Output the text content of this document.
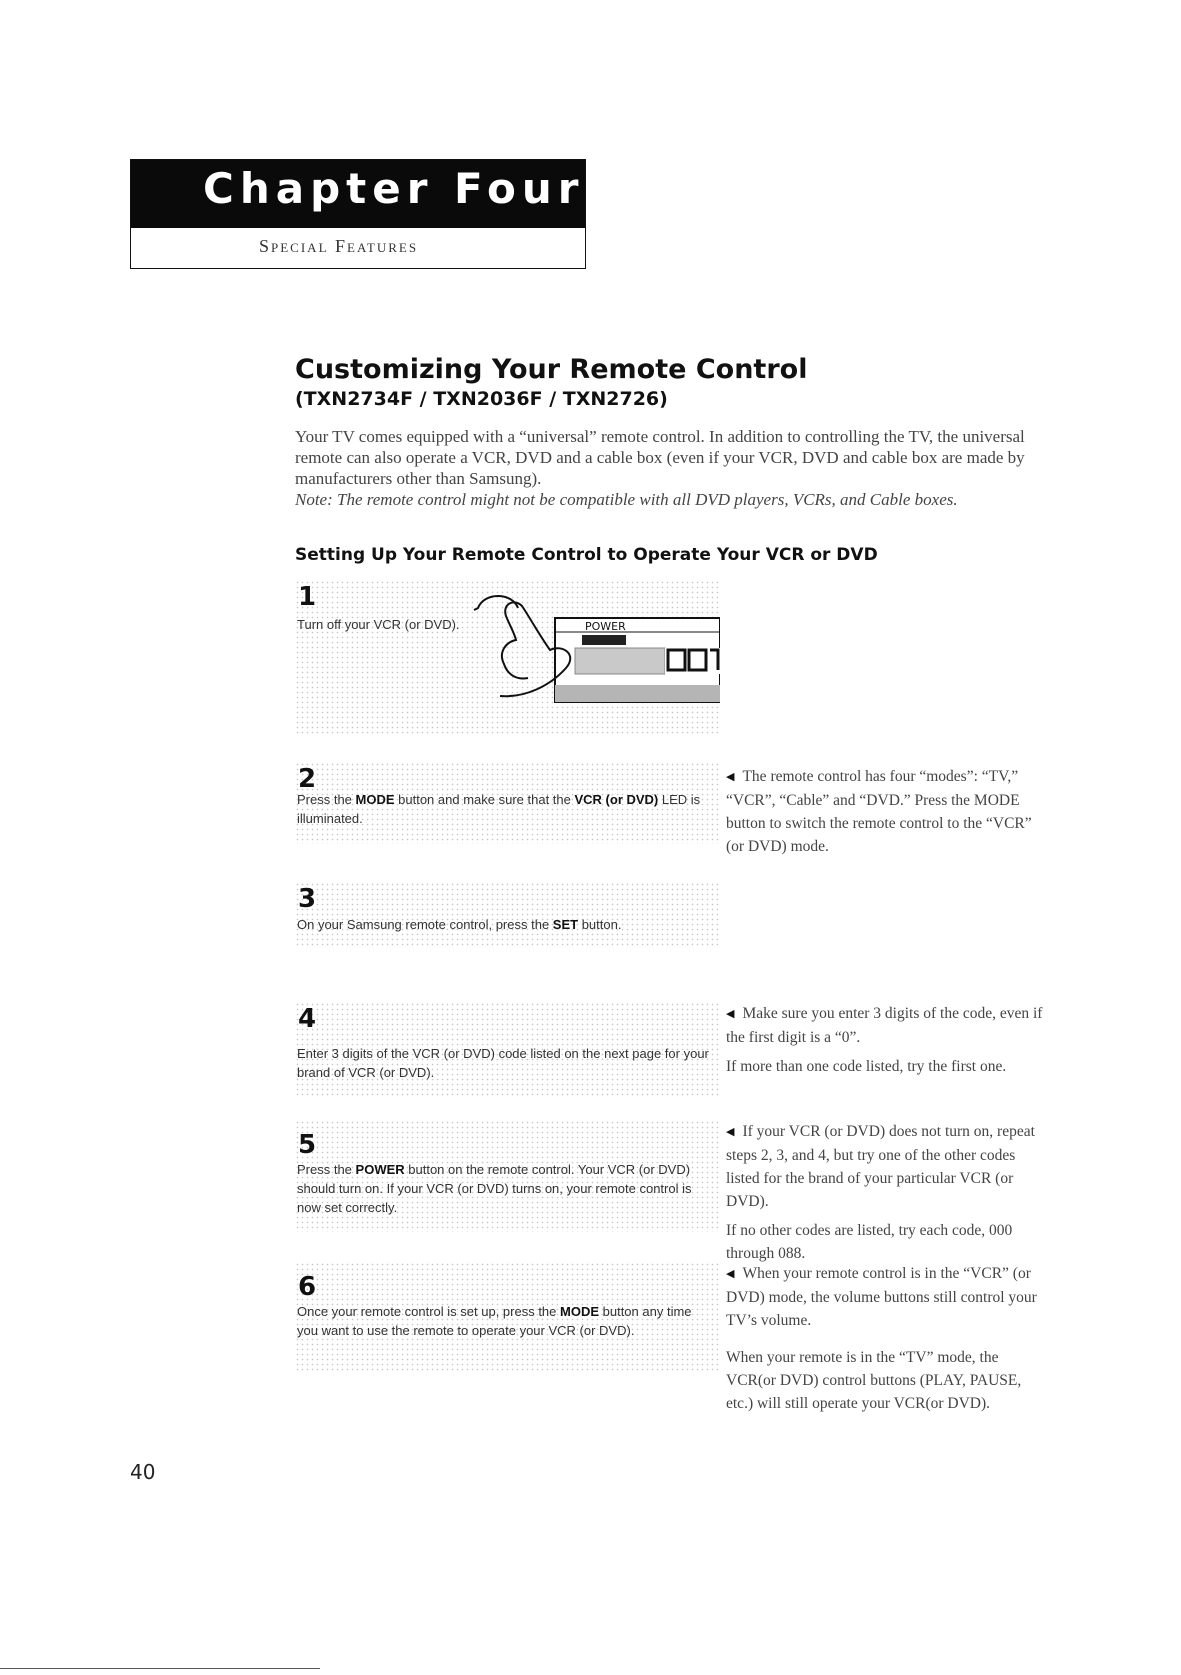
Chapter Four
Special Features
Customizing Your Remote Control
(TXN2734F / TXN2036F / TXN2726)

Your TV comes equipped with a “universal” remote control. In addition to controlling the TV, the universal remote can also operate a VCR, DVD and a cable box (even if your VCR, DVD and cable box are made by manufacturers other than Samsung).

Note: The remote control might not be compatible with all DVD players, VCRs, and Cable boxes.

Setting Up Your Remote Control to Operate Your VCR or DVD
1
Turn off your VCR (or DVD).	POWER
2
Press the MODE button and make sure that the VCR (or DVD) LED is illuminated.
3
On your Samsung remote control, press the SET button.
4
Enter 3 digits of the VCR (or DVD) code listed on the next page for your brand of VCR (or DVD).
5
Press the POWER button on the remote control. Your VCR (or DVD) should turn on. If your VCR (or DVD) turns on, your remote control is now set correctly.
6
Once your remote control is set up, press the MODE button any time you want to use the remote to operate your VCR (or DVD).

◀ The remote control has four “modes”: “TV,” “VCR”, “Cable” and “DVD.” Press the MODE button to switch the remote control to the “VCR” (or DVD) mode.

◀ Make sure you enter 3 digits of the code, even if the first digit is a “0”.

If more than one code listed, try the first one.

◀ If your VCR (or DVD) does not turn on, repeat steps 2, 3, and 4, but try one of the other codes listed for the brand of your particular VCR (or DVD).

If no other codes are listed, try each code, 000 through 088.

◀ When your remote control is in the “VCR” (or DVD) mode, the volume buttons still control your TV’s volume.

When your remote is in the “TV” mode, the VCR(or DVD) control buttons (PLAY, PAUSE, etc.) will still operate your VCR(or DVD).

40
